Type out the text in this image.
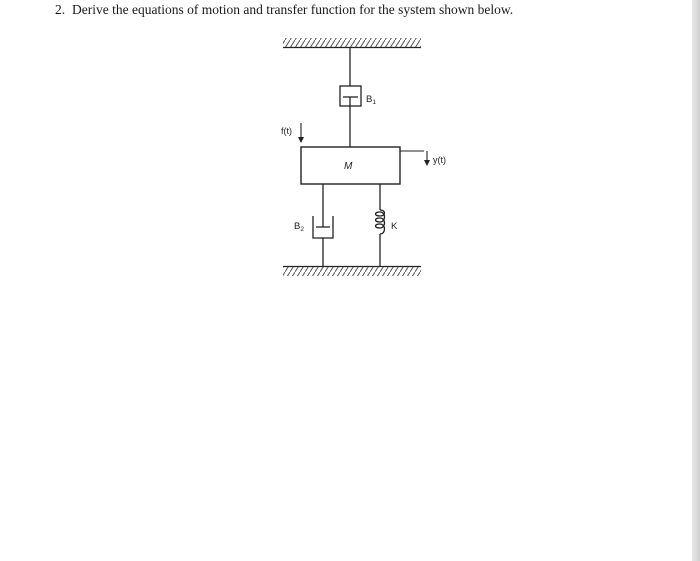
2. Derive the equations of motion and transfer function for the system shown below.
$B_1$
f(t)
M
y(t)
$B_2$	K
